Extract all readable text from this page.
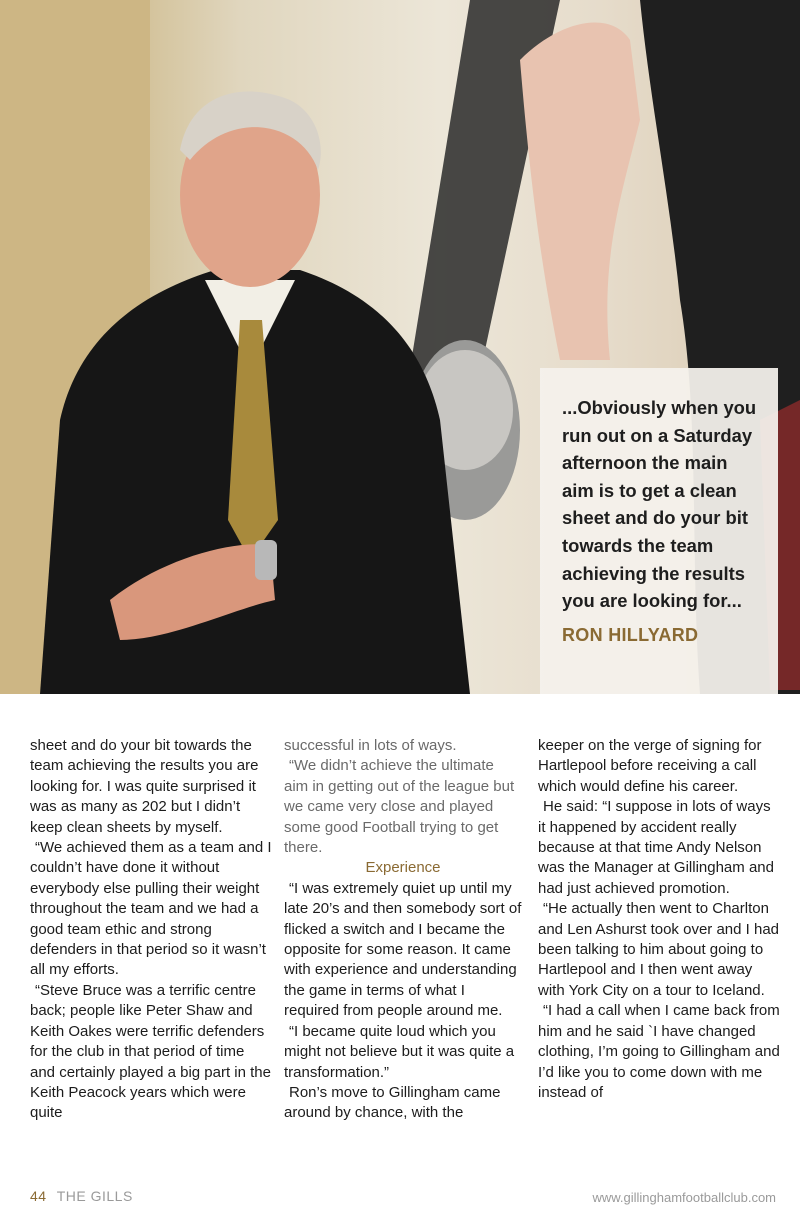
...Obviously when you run out on a Saturday afternoon the main aim is to get a clean sheet and do your bit towards the team achieving the results you are looking for...

RON HILLYARD

sheet and do your bit towards the team achieving the results you are looking for. I was quite surprised it was as many as 202 but I didn’t keep clean sheets by myself.

“We achieved them as a team and I couldn’t have done it without everybody else pulling their weight throughout the team and we had a good team ethic and strong defenders in that period so it wasn’t all my efforts.

“Steve Bruce was a terrific centre back; people like Peter Shaw and Keith Oakes were terrific defenders for the club in that period of time and certainly played a big part in the Keith Peacock years which were quite

successful in lots of ways.

“We didn’t achieve the ultimate aim in getting out of the league but we came very close and played some good Football trying to get there.

Experience

“I was extremely quiet up until my late 20’s and then somebody sort of flicked a switch and I became the opposite for some reason. It came with experience and understanding the game in terms of what I required from people around me.

“I became quite loud which you might not believe but it was quite a transformation.”

Ron’s move to Gillingham came around by chance, with the

keeper on the verge of signing for Hartlepool before receiving a call which would define his career.

He said: “I suppose in lots of ways it happened by accident really because at that time Andy Nelson was the Manager at Gillingham and had just achieved promotion.

“He actually then went to Charlton and Len Ashurst took over and I had been talking to him about going to Hartlepool and I then went away with York City on a tour to Iceland.

“I had a call when I came back from him and he said `I have changed clothing, I’m going to Gillingham and I’d like you to come down with me instead of

44 THE GILLS	www.gillinghamfootballclub.com
